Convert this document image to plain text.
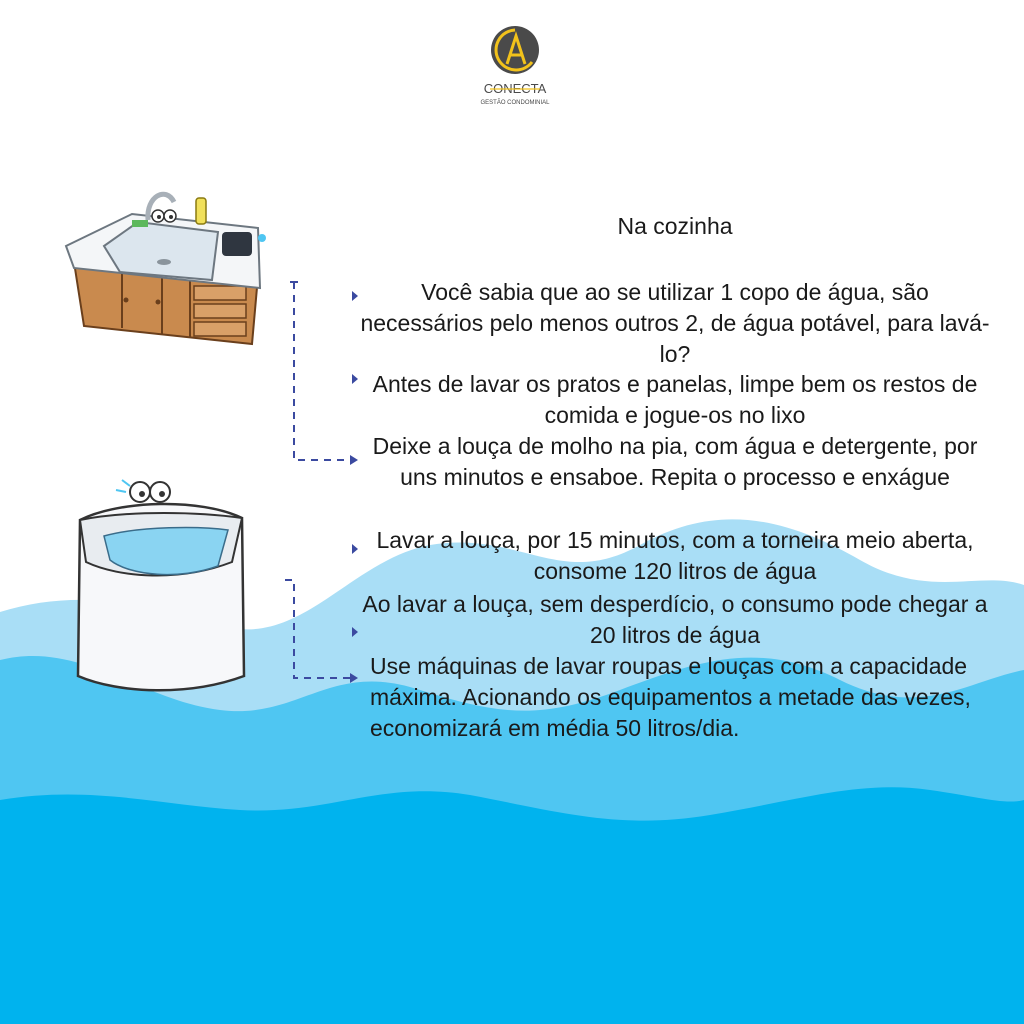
CONECTA
GESTÃO CONDOMINIAL
Na cozinha
Você sabia que ao se utilizar 1 copo de água, são necessários pelo menos outros 2, de água potável, para lavá-lo?
Antes de lavar os pratos e panelas, limpe bem os restos de comida e jogue-os no lixo
Deixe a louça de molho na pia, com água e detergente, por uns minutos e ensaboe. Repita o processo e enxágue
Lavar a louça, por 15 minutos, com a torneira meio aberta, consome 120 litros de água
Ao lavar a louça, sem desperdício, o consumo pode chegar a 20 litros de água
Use máquinas de lavar roupas e louças com a capacidade máxima. Acionando os equipamentos a metade das vezes, economizará em média 50 litros/dia.
